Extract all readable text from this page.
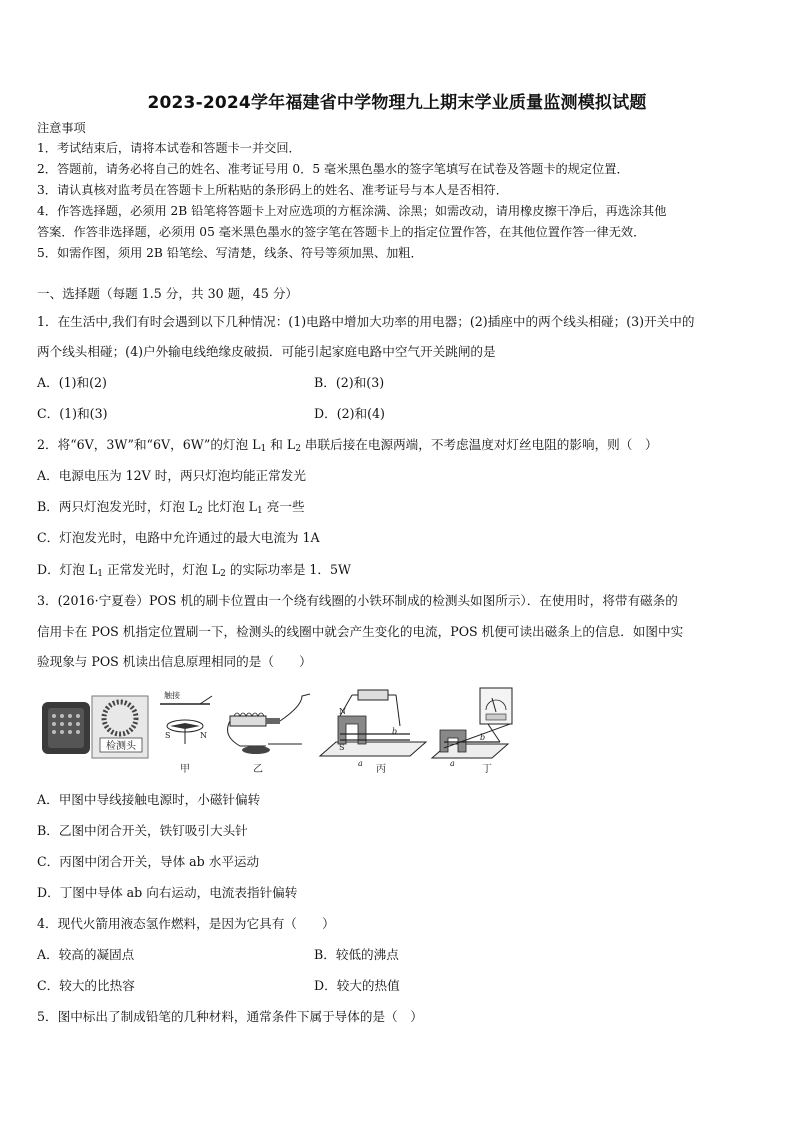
2023-2024学年福建省中学物理九上期末学业质量监测模拟试题
注意事项
1．考试结束后，请将本试卷和答题卡一并交回．
2．答题前，请务必将自己的姓名、准考证号用 0．5 毫米黑色墨水的签字笔填写在试卷及答题卡的规定位置．
3．请认真核对监考员在答题卡上所粘贴的条形码上的姓名、准考证号与本人是否相符．
4．作答选择题，必须用 2B 铅笔将答题卡上对应选项的方框涂满、涂黑；如需改动，请用橡皮擦干净后，再选涂其他
答案．作答非选择题，必须用 05 毫米黑色墨水的签字笔在答题卡上的指定位置作答，在其他位置作答一律无效．
5．如需作图，须用 2B 铅笔绘、写清楚，线条、符号等须加黑、加粗．
一、选择题（每题 1.5 分，共 30 题，45 分）
1．在生活中,我们有时会遇到以下几种情况：(1)电路中增加大功率的用电器；(2)插座中的两个线头相碰；(3)开关中的
两个线头相碰；(4)户外输电线绝缘皮破损．可能引起家庭电路中空气开关跳闸的是
A．(1)和(2)	B．(2)和(3)
C．(1)和(3)	D．(2)和(4)
2．将“6V，3W”和“6V，6W”的灯泡 $L_1$ 和 $L_2$ 串联后接在电源两端，不考虑温度对灯丝电阻的影响，则（　）
A．电源电压为 12V 时，两只灯泡均能正常发光
B．两只灯泡发光时，灯泡 $L_2$ 比灯泡 $L_1$ 亮一些
C．灯泡发光时，电路中允许通过的最大电流为 1A
D．灯泡 $L_1$ 正常发光时，灯泡 $L_2$ 的实际功率是 1．5W
3．(2016·宁夏卷）POS 机的刷卡位置由一个绕有线圈的小铁环制成的检测头如图所示）．在使用时，将带有磁条的
信用卡在 POS 机指定位置刷一下，检测头的线圈中就会产生变化的电流，POS 机便可读出磁条上的信息．如图中实
验现象与 POS 机读出信息原理相同的是（　　）
检测头
触接
S	N
甲	乙
N
S
a
b
丙
a
b
丁
A．甲图中导线接触电源时，小磁针偏转
B．乙图中闭合开关，铁钉吸引大头针
C．丙图中闭合开关，导体 ab 水平运动
D．丁图中导体 ab 向右运动，电流表指针偏转
4．现代火箭用液态氢作燃料，是因为它具有（　　）
A．较高的凝固点	B．较低的沸点
C．较大的比热容	D．较大的热值
5．图中标出了制成铅笔的几种材料，通常条件下属于导体的是（　）
